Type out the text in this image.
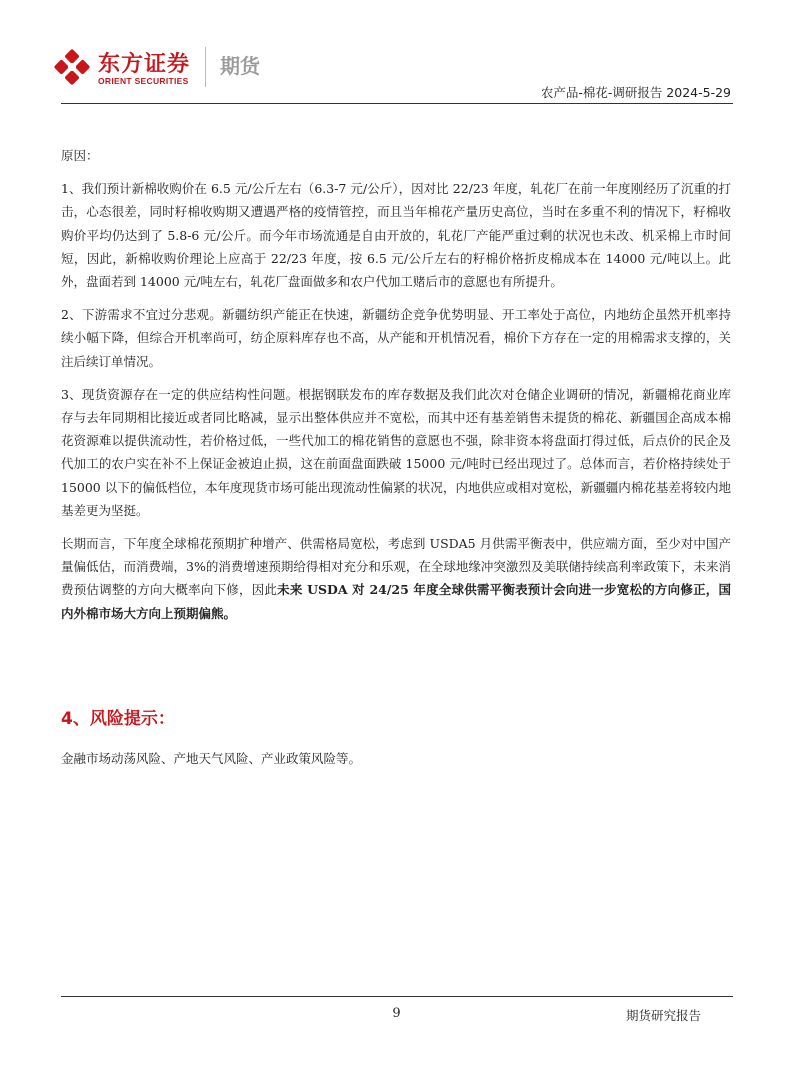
东方证券
ORIENT SECURITIES
期货
农产品-棉花-调研报告 2024-5-29

原因：

1、我们预计新棉收购价在 6.5 元/公斤左右（6.3-7 元/公斤），因对比 22/23 年度，轧花厂在前一年度刚经历了沉重的打击，心态很差，同时籽棉收购期又遭遇严格的疫情管控，而且当年棉花产量历史高位，当时在多重不利的情况下，籽棉收购价平均仍达到了 5.8-6 元/公斤。而今年市场流通是自由开放的，轧花厂产能严重过剩的状况也未改、机采棉上市时间短，因此，新棉收购价理论上应高于 22/23 年度，按 6.5 元/公斤左右的籽棉价格折皮棉成本在 14000 元/吨以上。此外，盘面若到 14000 元/吨左右，轧花厂盘面做多和农户代加工赌后市的意愿也有所提升。

2、下游需求不宜过分悲观。新疆纺织产能正在快速，新疆纺企竞争优势明显、开工率处于高位，内地纺企虽然开机率持续小幅下降，但综合开机率尚可，纺企原料库存也不高，从产能和开机情况看，棉价下方存在一定的用棉需求支撑的，关注后续订单情况。

3、现货资源存在一定的供应结构性问题。根据钢联发布的库存数据及我们此次对仓储企业调研的情况，新疆棉花商业库存与去年同期相比接近或者同比略减，显示出整体供应并不宽松，而其中还有基差销售未提货的棉花、新疆国企高成本棉花资源难以提供流动性，若价格过低，一些代加工的棉花销售的意愿也不强，除非资本将盘面打得过低，后点价的民企及代加工的农户实在补不上保证金被迫止损，这在前面盘面跌破 15000 元/吨时已经出现过了。总体而言，若价格持续处于 15000 以下的偏低档位，本年度现货市场可能出现流动性偏紧的状况，内地供应或相对宽松，新疆疆内棉花基差将较内地基差更为坚挺。

长期而言，下年度全球棉花预期扩种增产、供需格局宽松，考虑到 USDA5 月供需平衡表中，供应端方面，至少对中国产量偏低估，而消费端，3%的消费增速预期给得相对充分和乐观，在全球地缘冲突激烈及美联储持续高利率政策下，未来消费预估调整的方向大概率向下修，因此未来 USDA 对 24/25 年度全球供需平衡表预计会向进一步宽松的方向修正，国内外棉市场大方向上预期偏熊。

4、风险提示：
金融市场动荡风险、产地天气风险、产业政策风险等。
9	期货研究报告
